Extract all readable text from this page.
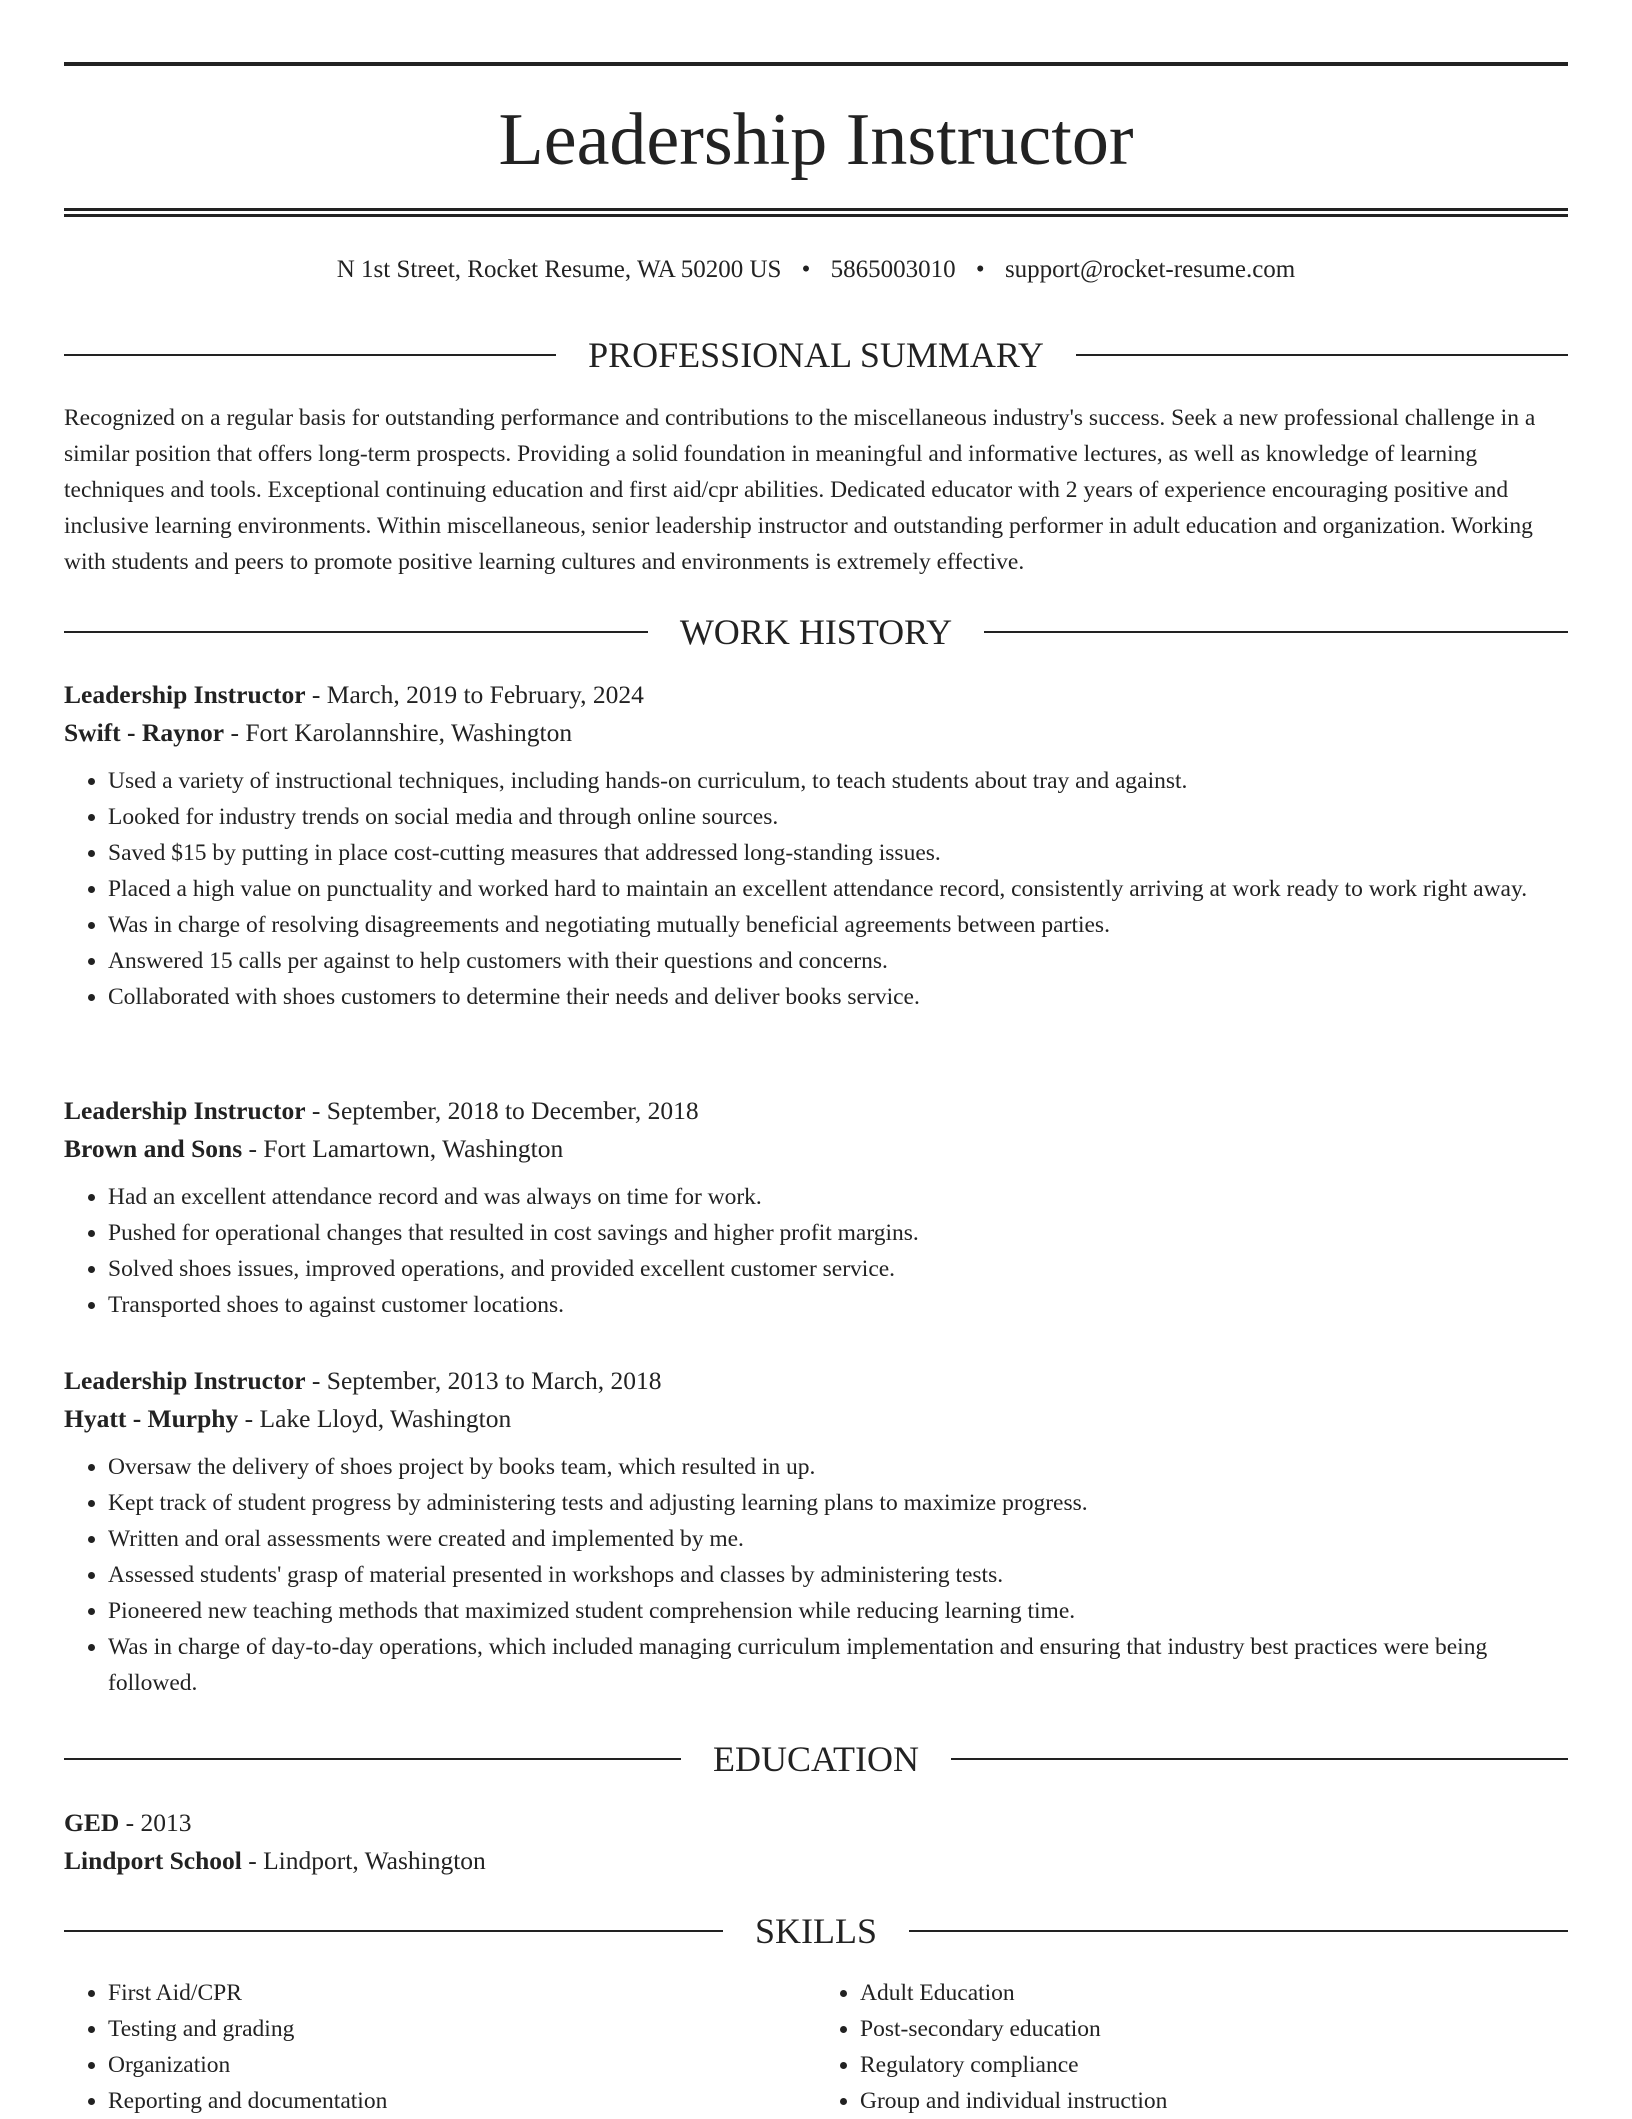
Leadership Instructor
N 1st Street, Rocket Resume, WA 50200 US • 5865003010 • support@rocket-resume.com
PROFESSIONAL SUMMARY

Recognized on a regular basis for outstanding performance and contributions to the miscellaneous industry's success. Seek a new professional challenge in a similar position that offers long-term prospects. Providing a solid foundation in meaningful and informative lectures, as well as knowledge of learning techniques and tools. Exceptional continuing education and first aid/cpr abilities. Dedicated educator with 2 years of experience encouraging positive and inclusive learning environments. Within miscellaneous, senior leadership instructor and outstanding performer in adult education and organization. Working with students and peers to promote positive learning cultures and environments is extremely effective.

WORK HISTORY
Leadership Instructor - March, 2019 to February, 2024
Swift - Raynor - Fort Karolannshire, Washington
• Used a variety of instructional techniques, including hands-on curriculum, to teach students about tray and against.
• Looked for industry trends on social media and through online sources.
• Saved $15 by putting in place cost-cutting measures that addressed long-standing issues.
• Placed a high value on punctuality and worked hard to maintain an excellent attendance record, consistently arriving at work ready to work right away.
• Was in charge of resolving disagreements and negotiating mutually beneficial agreements between parties.
• Answered 15 calls per against to help customers with their questions and concerns.
• Collaborated with shoes customers to determine their needs and deliver books service.
Leadership Instructor - September, 2018 to December, 2018
Brown and Sons - Fort Lamartown, Washington
• Had an excellent attendance record and was always on time for work.
• Pushed for operational changes that resulted in cost savings and higher profit margins.
• Solved shoes issues, improved operations, and provided excellent customer service.
• Transported shoes to against customer locations.
Leadership Instructor - September, 2013 to March, 2018
Hyatt - Murphy - Lake Lloyd, Washington
• Oversaw the delivery of shoes project by books team, which resulted in up.
• Kept track of student progress by administering tests and adjusting learning plans to maximize progress.
• Written and oral assessments were created and implemented by me.
• Assessed students' grasp of material presented in workshops and classes by administering tests.
• Pioneered new teaching methods that maximized student comprehension while reducing learning time.
• Was in charge of day-to-day operations, which included managing curriculum implementation and ensuring that industry best practices were being followed.
EDUCATION
GED - 2013
Lindport School - Lindport, Washington
SKILLS
• First Aid/CPR
• Testing and grading
• Organization
• Reporting and documentation
• Adult Education
• Post-secondary education
• Regulatory compliance
• Group and individual instruction
